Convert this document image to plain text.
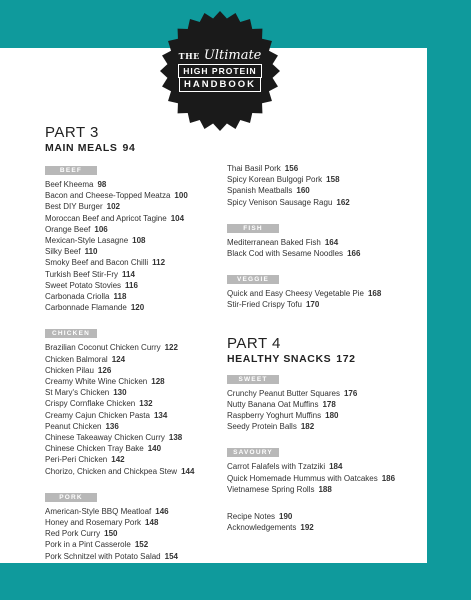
THE Ultimate
HIGH PROTEIN
HANDBOOK
PART 3
MAIN MEALS 94
BEEF
Beef Kheema 98
Bacon and Cheese-Topped Meatza 100
Best DIY Burger 102
Moroccan Beef and Apricot Tagine 104
Orange Beef 106
Mexican-Style Lasagne 108
Silky Beef 110
Smoky Beef and Bacon Chilli 112
Turkish Beef Stir-Fry 114
Sweet Potato Stovies 116
Carbonada Criolla 118
Carbonnade Flamande 120
CHICKEN
Brazilian Coconut Chicken Curry 122
Chicken Balmoral 124
Chicken Pilau 126
Creamy White Wine Chicken 128
St Mary's Chicken 130
Crispy Cornflake Chicken 132
Creamy Cajun Chicken Pasta 134
Peanut Chicken 136
Chinese Takeaway Chicken Curry 138
Chinese Chicken Tray Bake 140
Peri-Peri Chicken 142
Chorizo, Chicken and Chickpea Stew 144
PORK
American-Style BBQ Meatloaf 146
Honey and Rosemary Pork 148
Red Pork Curry 150
Pork in a Pint Casserole 152
Pork Schnitzel with Potato Salad 154
Thai Basil Pork 156
Spicy Korean Bulgogi Pork 158
Spanish Meatballs 160
Spicy Venison Sausage Ragu 162
FISH
Mediterranean Baked Fish 164
Black Cod with Sesame Noodles 166
VEGGIE
Quick and Easy Cheesy Vegetable Pie 168
Stir-Fried Crispy Tofu 170
PART 4
HEALTHY SNACKS 172
SWEET
Crunchy Peanut Butter Squares 176
Nutty Banana Oat Muffins 178
Raspberry Yoghurt Muffins 180
Seedy Protein Balls 182
SAVOURY
Carrot Falafels with Tzatziki 184
Quick Homemade Hummus with Oatcakes 186
Vietnamese Spring Rolls 188
Recipe Notes 190
Acknowledgements 192
